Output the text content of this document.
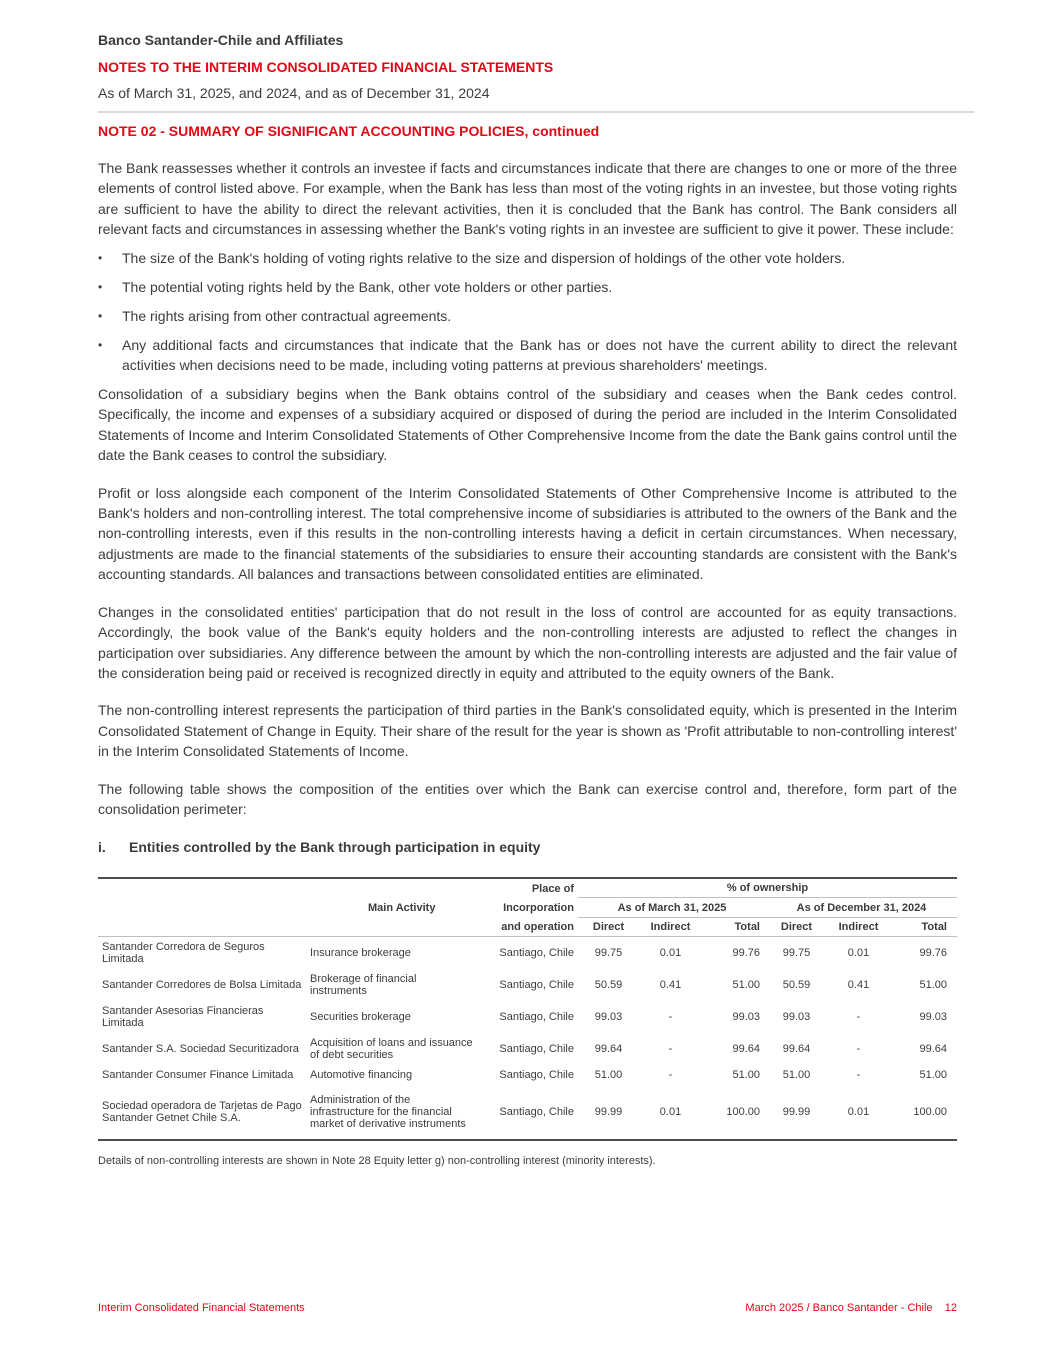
Banco Santander-Chile and Affiliates
NOTES TO THE INTERIM CONSOLIDATED FINANCIAL STATEMENTS
As of March 31, 2025, and 2024, and as of December 31, 2024
NOTE 02 - SUMMARY OF SIGNIFICANT ACCOUNTING POLICIES, continued

The Bank reassesses whether it controls an investee if facts and circumstances indicate that there are changes to one or more of the three elements of control listed above. For example, when the Bank has less than most of the voting rights in an investee, but those voting rights are sufficient to have the ability to direct the relevant activities, then it is concluded that the Bank has control. The Bank considers all relevant facts and circumstances in assessing whether the Bank's voting rights in an investee are sufficient to give it power. These include:

• The size of the Bank's holding of voting rights relative to the size and dispersion of holdings of the other vote holders.
• The potential voting rights held by the Bank, other vote holders or other parties.
• The rights arising from other contractual agreements.
• Any additional facts and circumstances that indicate that the Bank has or does not have the current ability to direct the relevant activities when decisions need to be made, including voting patterns at previous shareholders' meetings.

Consolidation of a subsidiary begins when the Bank obtains control of the subsidiary and ceases when the Bank cedes control. Specifically, the income and expenses of a subsidiary acquired or disposed of during the period are included in the Interim Consolidated Statements of Income and Interim Consolidated Statements of Other Comprehensive Income from the date the Bank gains control until the date the Bank ceases to control the subsidiary.

Profit or loss alongside each component of the Interim Consolidated Statements of Other Comprehensive Income is attributed to the Bank's holders and non-controlling interest. The total comprehensive income of subsidiaries is attributed to the owners of the Bank and the non-controlling interests, even if this results in the non-controlling interests having a deficit in certain circumstances. When necessary, adjustments are made to the financial statements of the subsidiaries to ensure their accounting standards are consistent with the Bank's accounting standards. All balances and transactions between consolidated entities are eliminated.

Changes in the consolidated entities' participation that do not result in the loss of control are accounted for as equity transactions. Accordingly, the book value of the Bank's equity holders and the non-controlling interests are adjusted to reflect the changes in participation over subsidiaries. Any difference between the amount by which the non-controlling interests are adjusted and the fair value of the consideration being paid or received is recognized directly in equity and attributed to the equity owners of the Bank.

The non-controlling interest represents the participation of third parties in the Bank's consolidated equity, which is presented in the Interim Consolidated Statement of Change in Equity. Their share of the result for the year is shown as 'Profit attributable to non-controlling interest' in the Interim Consolidated Statements of Income.

The following table shows the composition of the entities over which the Bank can exercise control and, therefore, form part of the consolidation perimeter:

i.	Entities controlled by the Bank through participation in equity
		Place of	% of ownership					
	Main Activity	Incorporation	As of March 31, 2025			As of December 31, 2024		
		and operation	Direct	Indirect	Total	Direct	Indirect	Total
Santander Corredora de Seguros Limitada	Insurance brokerage	Santiago, Chile	99.75	0.01	99.76	99.75	0.01	99.76
Santander Corredores de Bolsa Limitada	Brokerage of financial instruments	Santiago, Chile	50.59	0.41	51.00	50.59	0.41	51.00
Santander Asesorias Financieras Limitada	Securities brokerage	Santiago, Chile	99.03	-	99.03	99.03	-	99.03
Santander S.A. Sociedad Securitizadora	Acquisition of loans and issuance of debt securities	Santiago, Chile	99.64	-	99.64	99.64	-	99.64
Santander Consumer Finance Limitada	Automotive financing	Santiago, Chile	51.00	-	51.00	51.00	-	51.00
Sociedad operadora de Tarjetas de Pago Santander Getnet Chile S.A.	Administration of the infrastructure for the financial market of derivative instruments	Santiago, Chile	99.99	0.01	100.00	99.99	0.01	100.00
Details of non-controlling interests are shown in Note 28 Equity letter g) non-controlling interest (minority interests).
Interim Consolidated Financial Statements	March 2025 / Banco Santander - Chile    12
